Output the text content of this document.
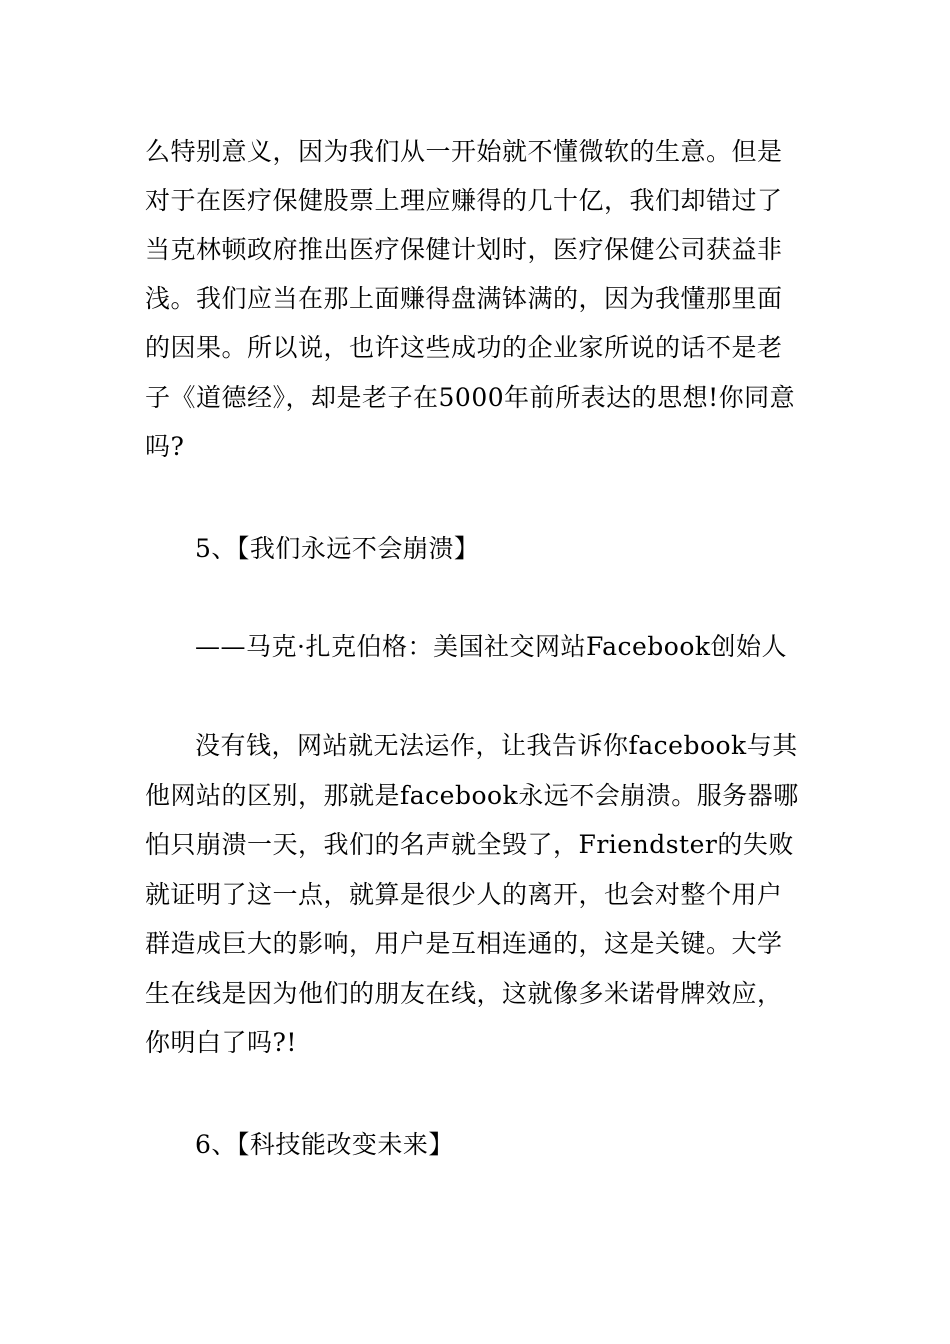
么特别意义，因为我们从一开始就不懂微软的生意。但是
对于在医疗保健股票上理应赚得的几十亿，我们却错过了
当克林顿政府推出医疗保健计划时，医疗保健公司获益非
浅。我们应当在那上面赚得盘满钵满的，因为我懂那里面
的因果。所以说，也许这些成功的企业家所说的话不是老
子《道德经》，却是老子在5000年前所表达的思想!你同意
吗?
5、【我们永远不会崩溃】
——马克·扎克伯格：美国社交网站Facebook创始人
没有钱，网站就无法运作，让我告诉你facebook与其
他网站的区别，那就是facebook永远不会崩溃。服务器哪
怕只崩溃一天，我们的名声就全毁了，Friendster的失败
就证明了这一点，就算是很少人的离开，也会对整个用户
群造成巨大的影响，用户是互相连通的，这是关键。大学
生在线是因为他们的朋友在线，这就像多米诺骨牌效应，
你明白了吗?!
6、【科技能改变未来】
